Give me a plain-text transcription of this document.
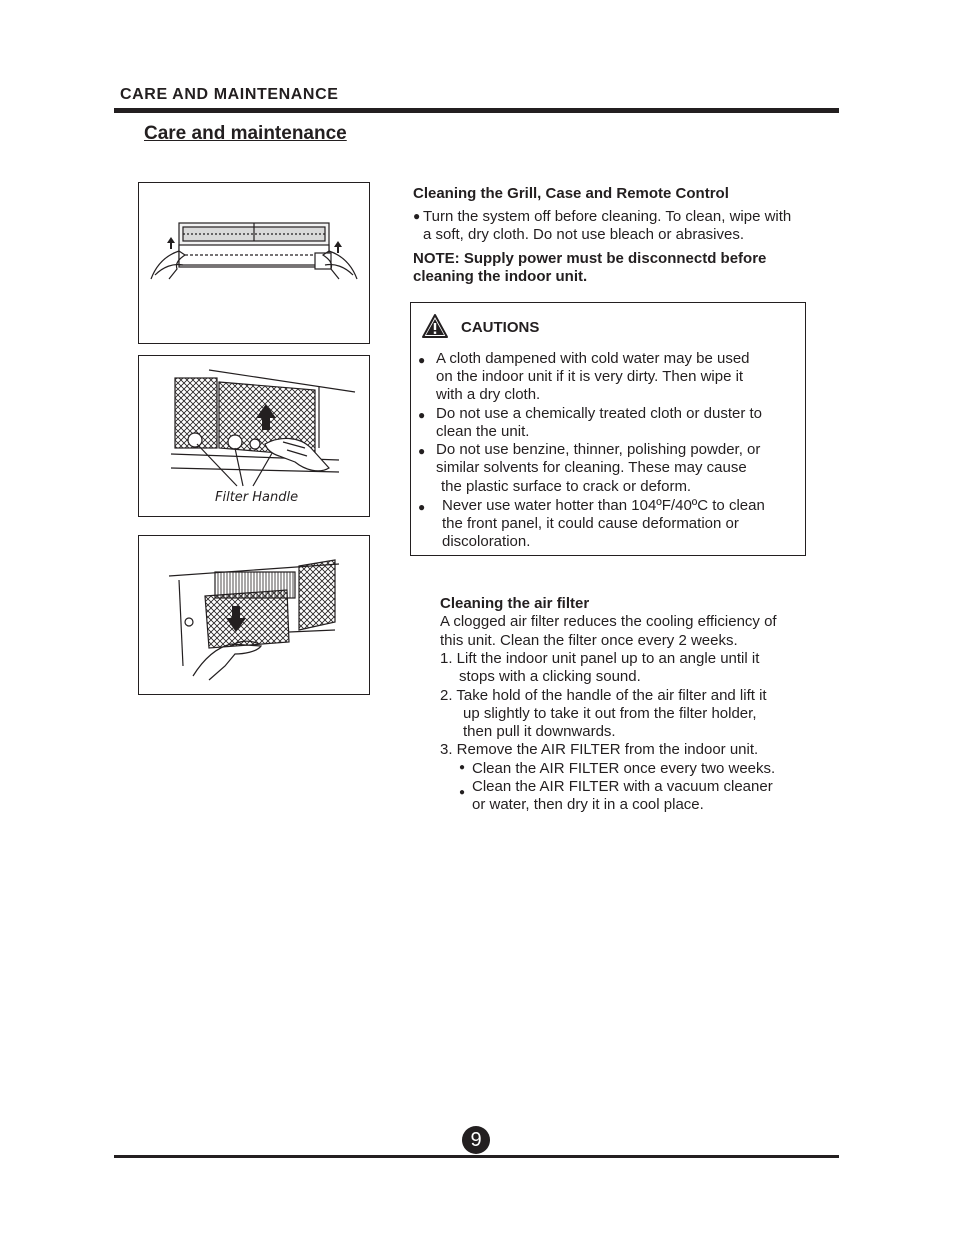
CARE AND MAINTENANCE
Care and maintenance
Filter Handle
Cleaning the Grill, Case and Remote Control
● Turn the system off before cleaning. To clean, wipe with
a soft, dry cloth. Do not use bleach or abrasives.
NOTE: Supply power must be disconnectd before
cleaning the indoor unit.
CAUTIONS
● A cloth dampened with cold water may be used
on the indoor unit if it is very dirty. Then wipe it
with a dry cloth.
● Do not use a chemically treated cloth or duster to
clean the unit.
● Do not use benzine, thinner, polishing powder, or
similar solvents for cleaning. These may cause
the plastic surface to crack or deform.
● Never use water hotter than 104ºF/40ºC to clean
the front panel, it could cause deformation or
discoloration.
Cleaning the air filter
A clogged air filter reduces the cooling efficiency of
this unit. Clean the filter once every 2 weeks.
1. Lift the indoor unit panel up to an angle until it
stops with a clicking sound.
2. Take hold of the handle of the air filter and lift it
up slightly to take it out from the filter holder,
then pull it downwards.
3. Remove the AIR FILTER from the indoor unit.
● Clean the AIR FILTER once every two weeks.
● Clean the AIR FILTER with a vacuum cleaner
or water, then dry it in a cool place.
9
